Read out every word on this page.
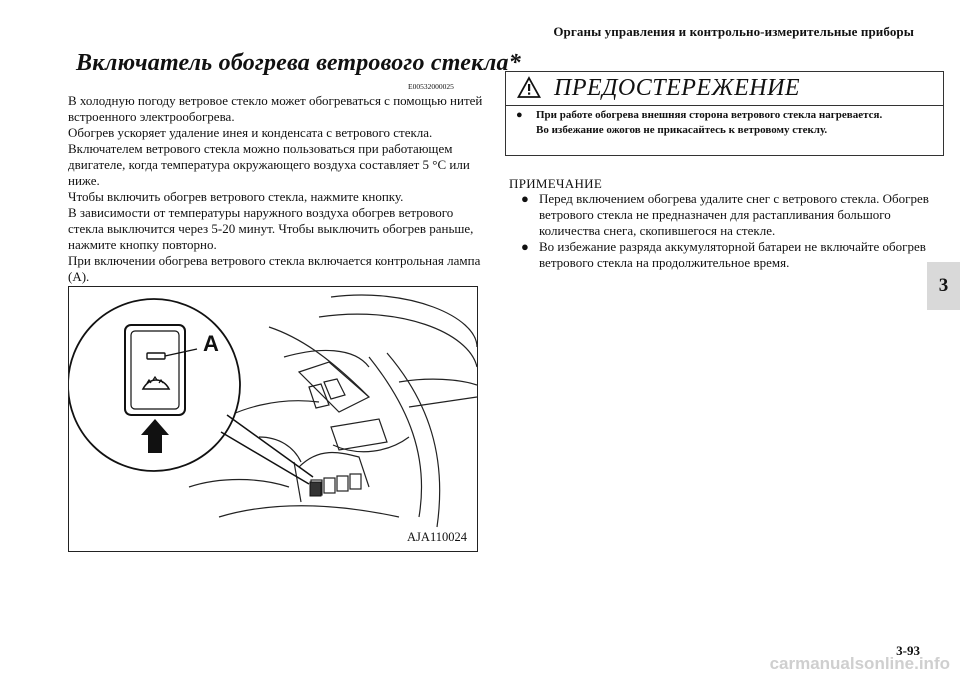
Органы управления и контрольно-измерительные приборы
3
Включатель обогрева ветрового стекла*
E00532000025

В холодную погоду ветровое стекло может обогреваться с помощью нитей встроенного электрообогрева.

Обогрев ускоряет удаление инея и конденсата с ветрового стекла.

Включателем ветрового стекла можно пользоваться при работающем двигателе, когда температура окружающего воздуха составляет 5 °C или ниже.

Чтобы включить обогрев ветрового стекла, нажмите кнопку.

В зависимости от температуры наружного воздуха обогрев ветрового стекла выключится через 5-20 минут. Чтобы выключить обогрев раньше, нажмите кнопку повторно.

При включении обогрева ветрового стекла включается контрольная лампа (A).

A
AJA110024
ПРЕДОСТЕРЕЖЕНИЕ
●	При работе обогрева внешняя сторона ветрового стекла нагревается.
Во избежание ожогов не прикасайтесь к ветровому стеклу.
ПРИМЕЧАНИЕ
● Перед включением обогрева удалите снег с ветрового стекла. Обогрев ветрового стекла не предназначен для растапливания большого количества снега, скопившегося на стекле.
● Во избежание разряда аккумуляторной батареи не включайте обогрев ветрового стекла на продолжительное время.
3-93
carmanualsonline.info
